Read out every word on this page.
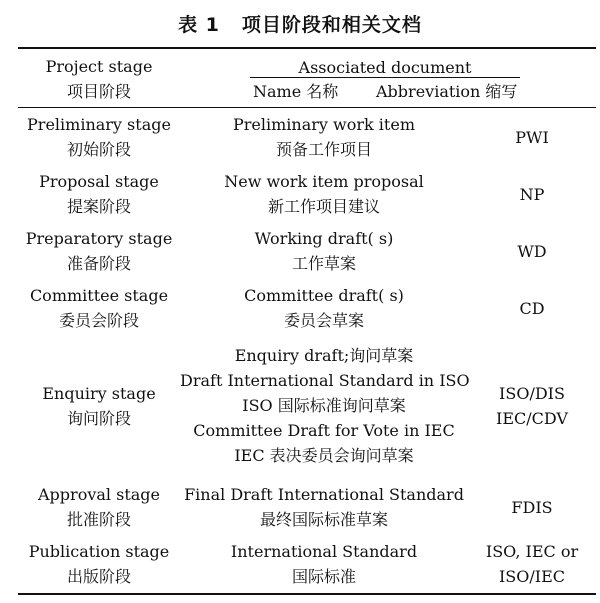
表 1 项目阶段和相关文档
Project stage
项目阶段
Associated document
Name 名称 Abbreviation 缩写
Preliminary stage
初始阶段
Preliminary work item
预备工作项目
PWI
Proposal stage
提案阶段
New work item proposal
新工作项目建议
NP
Preparatory stage
准备阶段
Working draft( s)
工作草案
WD
Committee stage
委员会阶段
Committee draft( s)
委员会草案
CD
Enquiry stage
询问阶段
Enquiry draft;询问草案
Draft International Standard in ISO
ISO 国际标准询问草案
Committee Draft for Vote in IEC
IEC 表决委员会询问草案
ISO/DIS
IEC/CDV
Approval stage
批准阶段
Final Draft International Standard
最终国际标准草案
FDIS
Publication stage
出版阶段
International Standard
国际标准
ISO, IEC or
ISO/IEC
